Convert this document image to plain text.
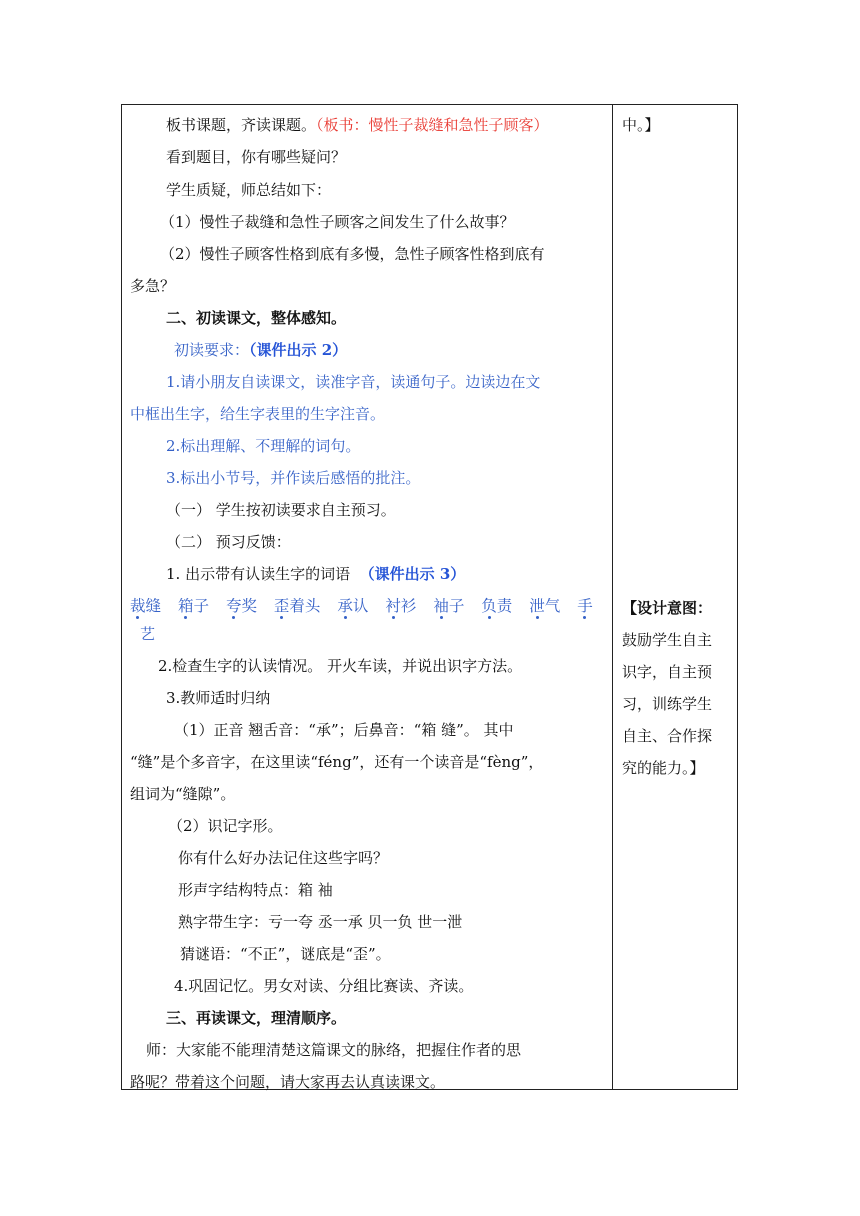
板书课题，齐读课题。（板书：慢性子裁缝和急性子顾客）
看到题目，你有哪些疑问？
学生质疑，师总结如下：
（1）慢性子裁缝和急性子顾客之间发生了什么故事？
（2）慢性子顾客性格到底有多慢，急性子顾客性格到底有
多急？
二、初读课文，整体感知。
初读要求：（课件出示 2）
1.请小朋友自读课文，读准字音，读通句子。边读边在文
中框出生字，给生字表里的生字注音。
2.标出理解、不理解的词句。
3.标出小节号，并作读后感悟的批注。
（一） 学生按初读要求自主预习。
（二） 预习反馈：
1. 出示带有认读生字的词语 （课件出示 3）
裁缝 箱子 夸奖 歪着头 承认 衬衫 袖子 负责 泄气 手
艺
2.检查生字的认读情况。 开火车读，并说出识字方法。
3.教师适时归纳
（1）正音 翘舌音：“承”；后鼻音：“箱 缝”。 其中
“缝”是个多音字，在这里读“féng”，还有一个读音是“fèng”，
组词为“缝隙”。
（2）识记字形。
你有什么好办法记住这些字吗？
形声字结构特点：箱 袖
熟字带生字：亏一夸 丞一承 贝一负 世一泄
猜谜语：“不正”，谜底是“歪”。
4.巩固记忆。男女对读、分组比赛读、齐读。
三、再读课文，理清顺序。
师：大家能不能理清楚这篇课文的脉络，把握住作者的思
路呢？带着这个问题，请大家再去认真读课文。
中。】
【设计意图：
鼓励学生自主
识字，自主预
习，训练学生
自主、合作探
究的能力。】
